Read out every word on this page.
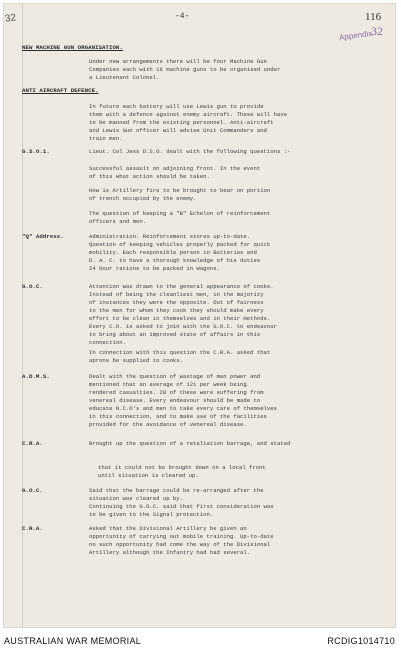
32	-4-	116
Appendix
32
NEW MACHINE GUN ORGANISATION.
Under new arrangements there will be four Machine Gun
Companies each with 16 machine guns to be organised under
a Lieutenant Colonel.
ANTI AIRCRAFT DEFENCE.
In future each battery will use Lewis gun to provide
them with a defence against enemy aircraft. These will have
to be manned from the existing personnel. Anti-aircraft
and Lewis Gun officer will advise Unit Commanders and
train men.
G.S.O.1.	Lieut. Col Jess D.S.O. dealt with the following questions :-
Successful assault on adjoining front. In the event
of this what action should be taken.
How is Artillery fire to be brought to bear on portion
of trench occupied by the enemy.
The question of keeping a "B" Echelon of reinforcement
officers and men.
"Q" Address.	Administration. Reinforcement stores up-to-date.
Question of keeping vehicles properly packed for quick
mobility. Each responsible person in Batteries and
D. A. C. to have a thorough knowledge of his duties
24 hour rations to be packed in Wagons.
G.O.C.	Attention was drawn to the general appearance of cooks.
Instead of being the cleanliest men, in the majority
of instances they were the opposite. Out of fairness
to the men for whom they cook they should make every
effort to be clean in themselves and in their methods.
Every C.O. is asked to join with the G.O.C. to endeavour
to bring about an improved state of affairs in this
connection.
In connection with this question the C.R.A. asked that
aprons be supplied to cooks.
A.D.M.S.	Dealt with the question of wastage of man power and
mentioned that an average of 121 per week being
rendered casualties. 28 of these were suffering from
venereal disease. Every endeavour should be made to
educate N.C.O's and men to take every care of themselves
in this connection, and to make use of the facilities
provided for the avoidance of venereal disease.
C.R.A.	Brought up the question of a retaliation barrage, and stated
that it could not be brought down on a local front
until situation is cleared up.
G.O.C.	Said that the barrage could be re-arranged after the
situation was cleared up by.
Continuing the G.O.C. said that first consideration was
to be given to the Signal protection.
C.R.A.	Asked that the Divisional Artillery be given an
opportunity of carrying out mobile training. Up-to-date
no such opportunity had come the way of the Divisional
Artillery although the Infantry had had several.
AUSTRALIAN WAR MEMORIAL	RCDIG1014710
